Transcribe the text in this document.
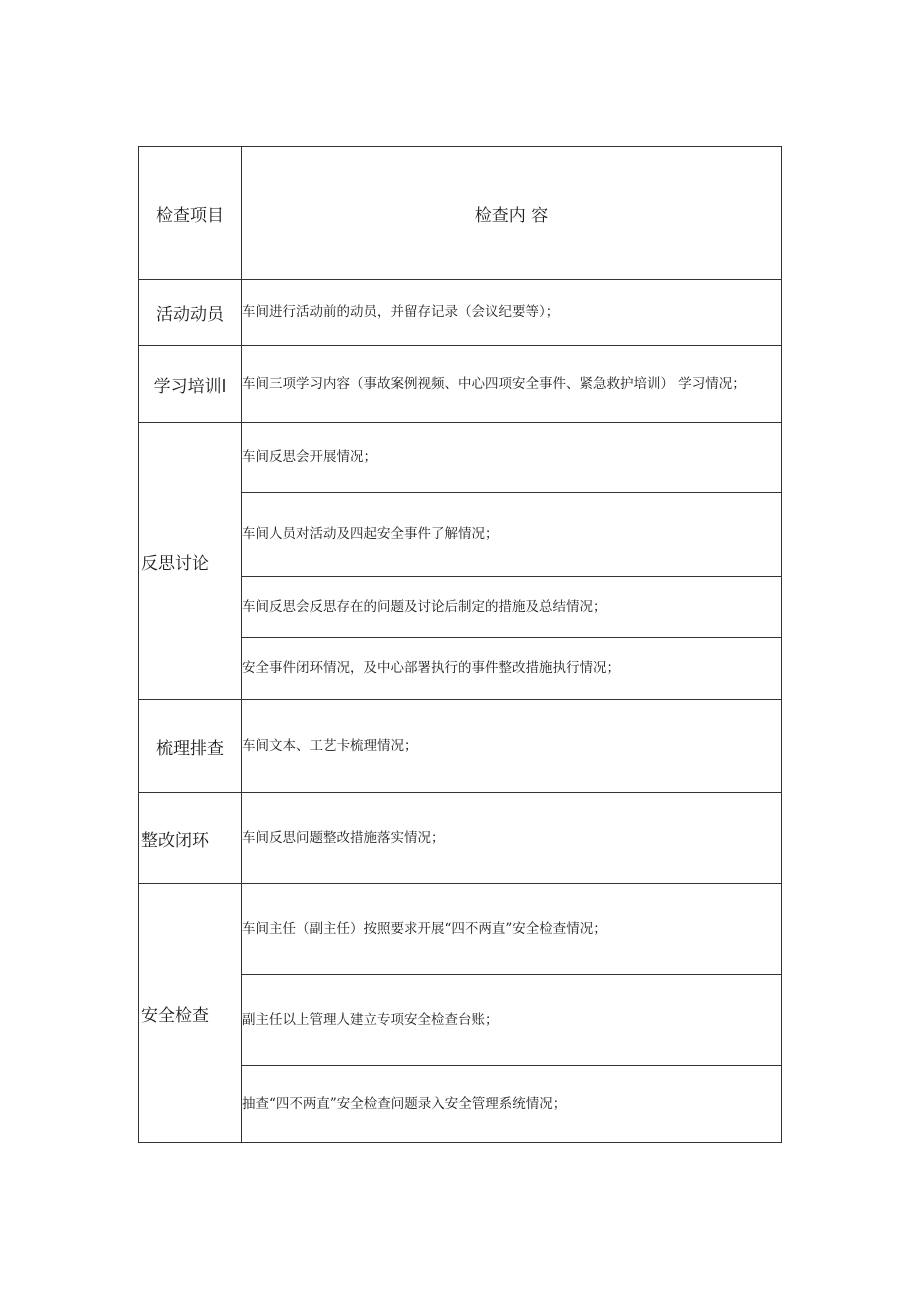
检查项目	检查内 容
活动动员	车间进行活动前的动员，并留存记录（会议纪要等）；
学习培训l	车间三项学习内容（事故案例视频、中心四项安全事件、紧急救护培训） 学习情况；
反思讨论	车间反思会开展情况；
	车间人员对活动及四起安全事件了解情况；
	车间反思会反思存在的问题及讨论后制定的措施及总结情况；
	安全事件闭环情况，及中心部署执行的事件整改措施执行情况；
梳理排查	车间文本、工艺卡梳理情况；
整改闭环	车间反思问题整改措施落实情况；
安全检查	车间主任（副主任）按照要求开展“四不两直”安全检查情况；
	副主任以上管理人建立专项安全检查台账；
	抽查“四不两直”安全检查问题录入安全管理系统情况；
